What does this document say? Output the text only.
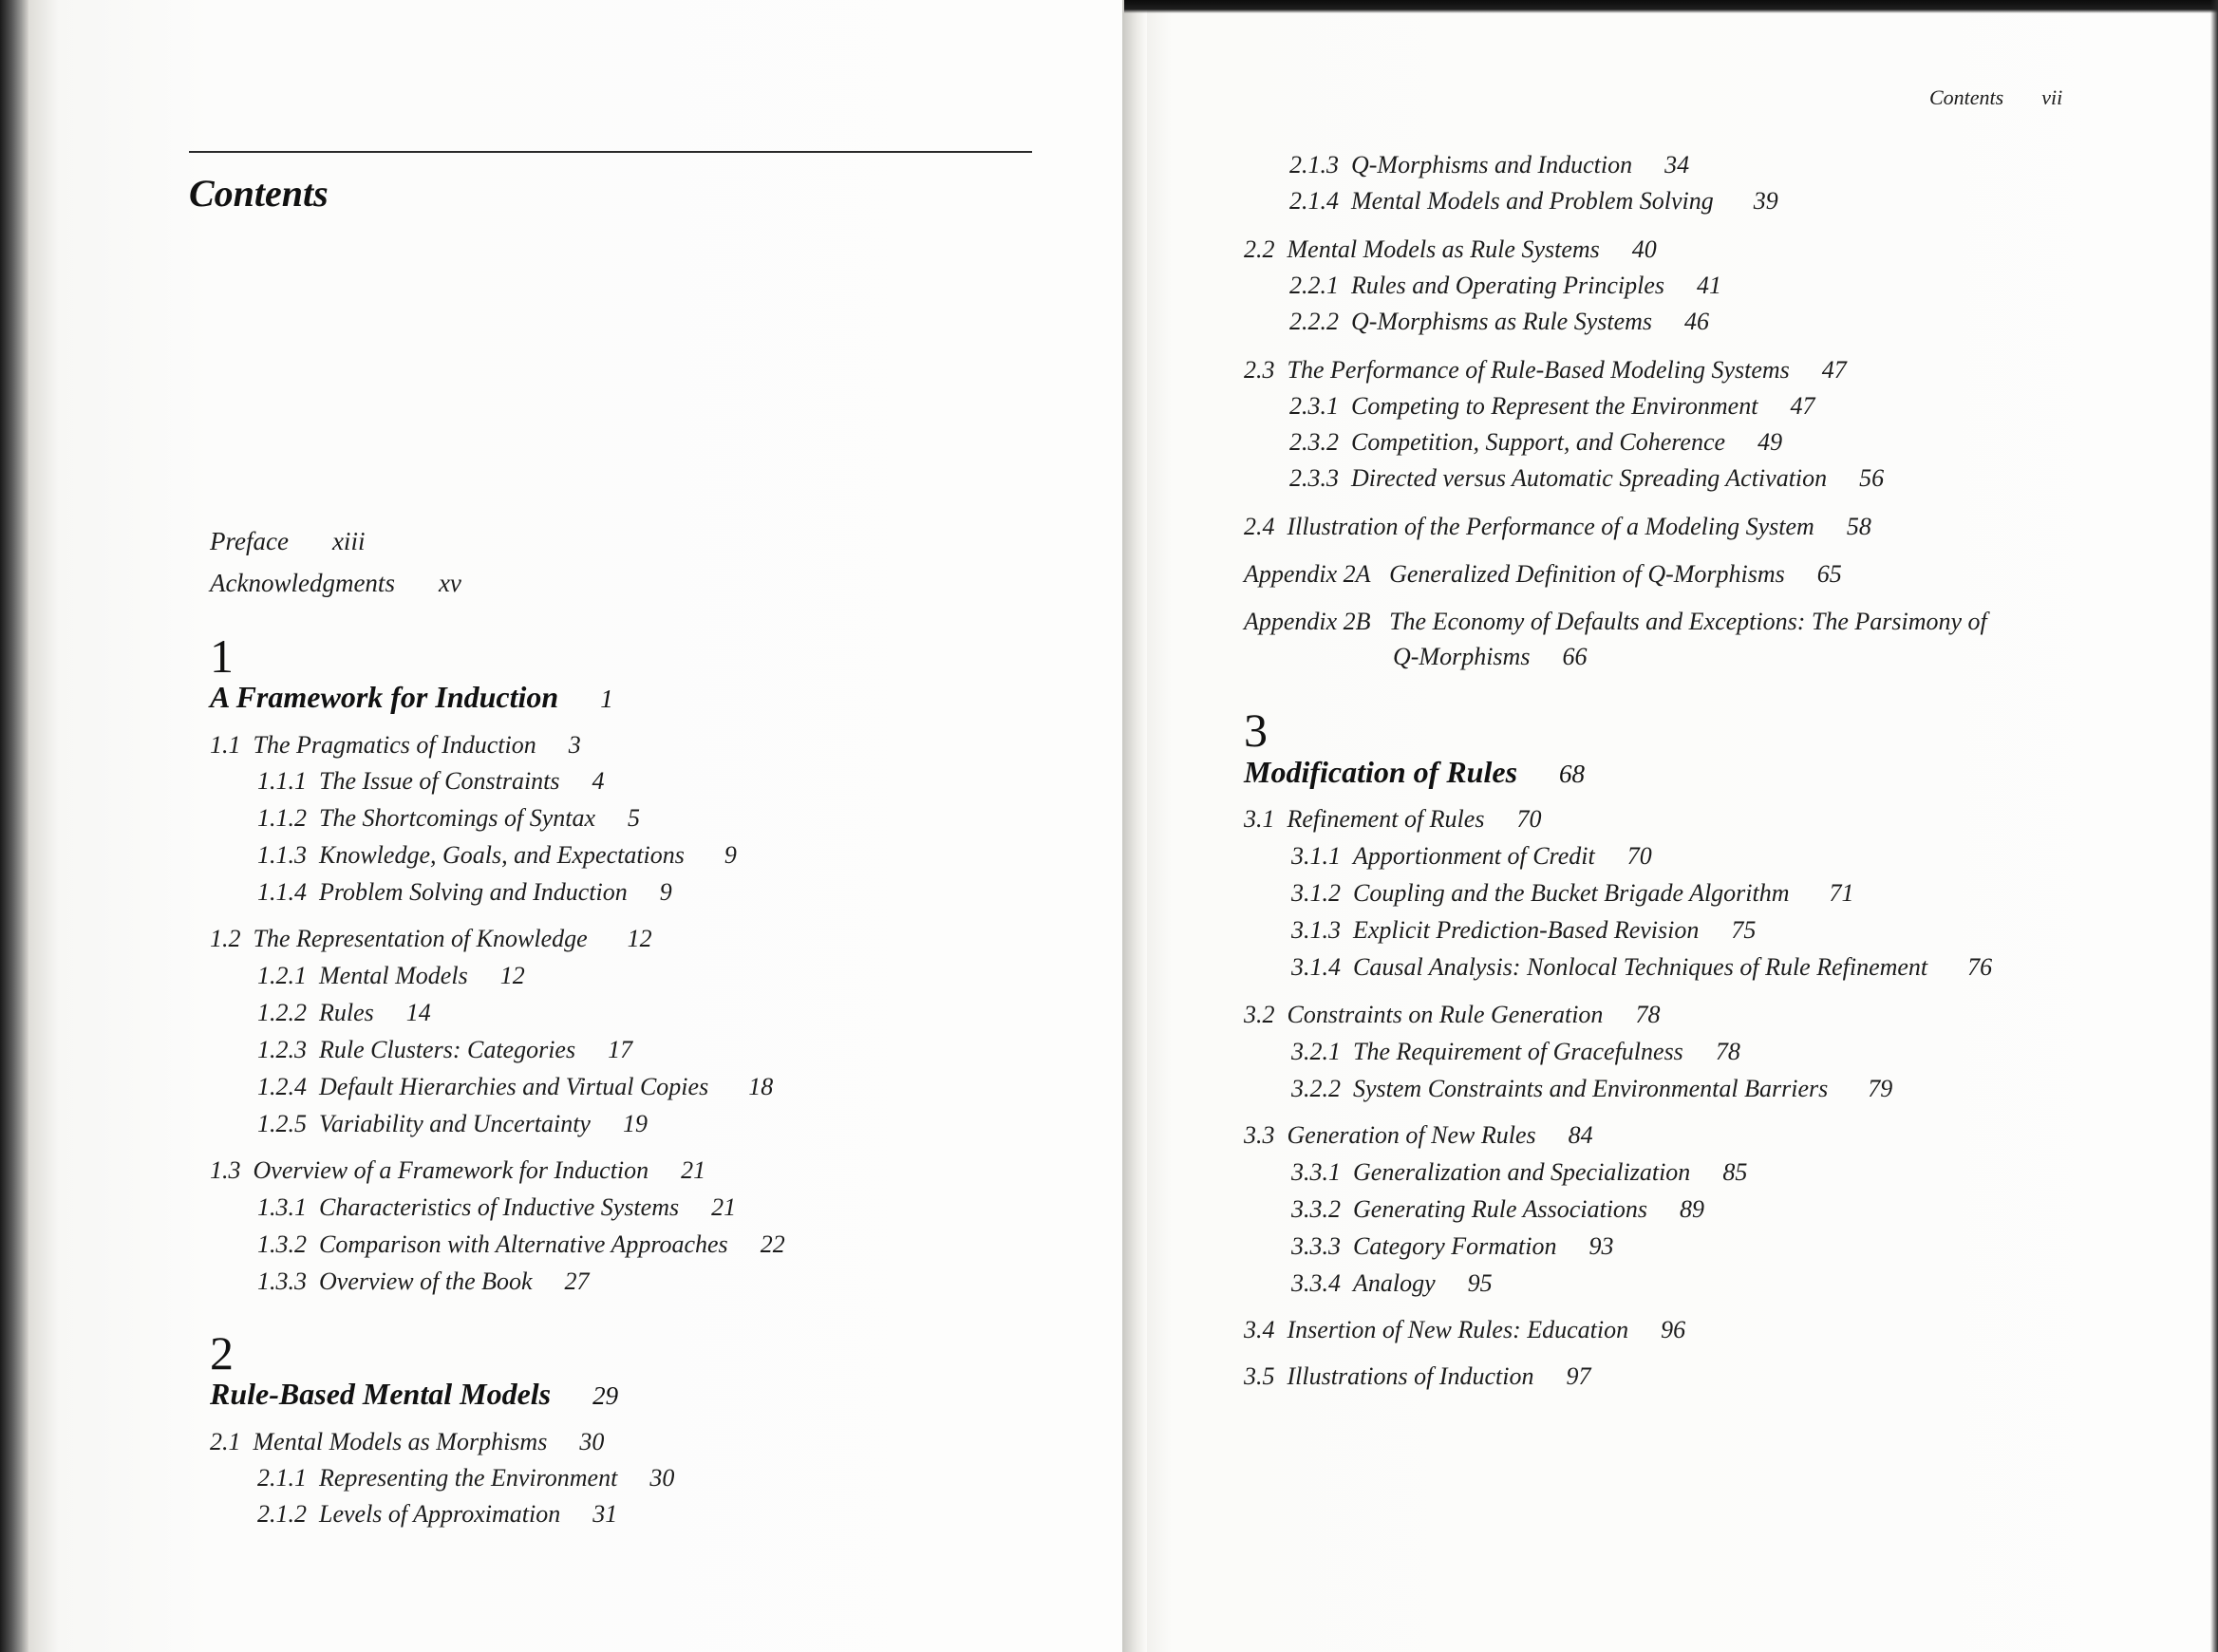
Contents
Preface xiii
Acknowledgments xv
1
A Framework for Induction 1
1.1 The Pragmatics of Induction 3
1.1.1 The Issue of Constraints 4
1.1.2 The Shortcomings of Syntax 5
1.1.3 Knowledge, Goals, and Expectations 9
1.1.4 Problem Solving and Induction 9
1.2 The Representation of Knowledge 12
1.2.1 Mental Models 12
1.2.2 Rules 14
1.2.3 Rule Clusters: Categories 17
1.2.4 Default Hierarchies and Virtual Copies 18
1.2.5 Variability and Uncertainty 19
1.3 Overview of a Framework for Induction 21
1.3.1 Characteristics of Inductive Systems 21
1.3.2 Comparison with Alternative Approaches 22
1.3.3 Overview of the Book 27
2
Rule-Based Mental Models 29
2.1 Mental Models as Morphisms 30
2.1.1 Representing the Environment 30
2.1.2 Levels of Approximation 31
Contents vii
2.1.3 Q-Morphisms and Induction 34
2.1.4 Mental Models and Problem Solving 39
2.2 Mental Models as Rule Systems 40
2.2.1 Rules and Operating Principles 41
2.2.2 Q-Morphisms as Rule Systems 46
2.3 The Performance of Rule-Based Modeling Systems 47
2.3.1 Competing to Represent the Environment 47
2.3.2 Competition, Support, and Coherence 49
2.3.3 Directed versus Automatic Spreading Activation 56
2.4 Illustration of the Performance of a Modeling System 58
Appendix 2A Generalized Definition of Q-Morphisms 65
Appendix 2B The Economy of Defaults and Exceptions: The Parsimony of
Q-Morphisms 66
3
Modification of Rules 68
3.1 Refinement of Rules 70
3.1.1 Apportionment of Credit 70
3.1.2 Coupling and the Bucket Brigade Algorithm 71
3.1.3 Explicit Prediction-Based Revision 75
3.1.4 Causal Analysis: Nonlocal Techniques of Rule Refinement 76
3.2 Constraints on Rule Generation 78
3.2.1 The Requirement of Gracefulness 78
3.2.2 System Constraints and Environmental Barriers 79
3.3 Generation of New Rules 84
3.3.1 Generalization and Specialization 85
3.3.2 Generating Rule Associations 89
3.3.3 Category Formation 93
3.3.4 Analogy 95
3.4 Insertion of New Rules: Education 96
3.5 Illustrations of Induction 97
